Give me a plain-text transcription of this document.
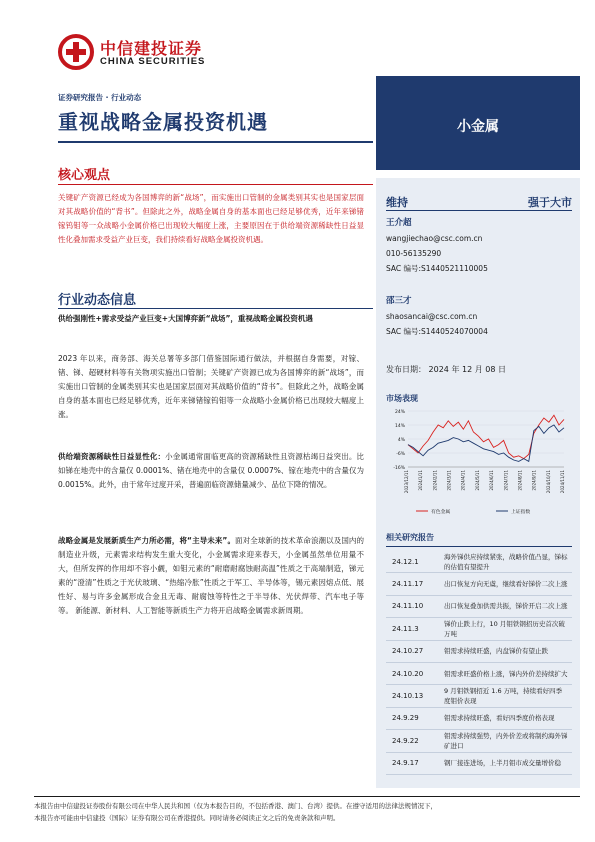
中信建投证券
CHINA SECURITIES
证券研究报告 · 行业动态
重视战略金属投资机遇	小金属
维持	强于大市
王介超
wangjiechao@csc.com.cn
010-56135290
SAC 编号:S1440521110005
邵三才
shaosancai@csc.com.cn
SAC 编号:S1440524070004
发布日期： 2024 年 12 月 08 日
市场表现
24%
14%
4%
-6%
-16%
2023/12/11 2024/1/11 2024/2/11 2024/3/11 2024/4/11 2024/5/11 2024/6/11 2024/7/11 2024/8/11 2024/9/11 2024/10/11 2024/11/11
有色金属	上证指数
相关研究报告
24.12.1
海外锑供应持续紧张，战略价值凸显，锑标的估值有望提升
24.11.17	出口恢复方向无虞，继续看好锑价二次上涨
24.11.10	出口恢复叠加供需共振，锑价开启二次上涨
24.11.3
锑价止跌上行，10 月钼铁钢招历史首次破万吨
24.10.27	钼需求持续旺盛，内盘锑价有望止跌
24.10.20	钼需求旺盛价格上涨，锑内外价差持续扩大
24.10.13
9 月钼铁钢招近 1.6 万吨，持续看好四季度钼价表现
24.9.29	钼需求持续旺盛，看好四季度价格表现
24.9.22
钼需求持续强势，内外价差或将制约海外锑矿进口
24.9.17	钢厂接连进场，上半月钼市成交量增价稳
核心观点
关键矿产资源已经成为各国博弈的新“战场”，而实施出口管制的金属类别其实也是国家层面对其战略价值的“背书”。但除此之外，战略金属自身的基本面也已经足够优秀，近年来锑锗镓钨钼等一众战略小金属价格已出现较大幅度上涨，主要原因在于供给端资源稀缺性日益显性化叠加需求受益产业巨变，我们持续看好战略金属投资机遇。
行业动态信息
供给强刚性+需求受益产业巨变+大国博弈新“战场”，重视战略金属投资机遇
2023 年以来，商务部、海关总署等多部门借鉴国际通行做法，并根据自身需要，对镓、锗、锑、超硬材料等有关物项实施出口管制；关键矿产资源已成为各国博弈的新“战场”，而实施出口管制的金属类别其实也是国家层面对其战略价值的“背书”。但除此之外，战略金属自身的基本面也已经足够优秀，近年来锑锗镓钨钼等一众战略小金属价格已出现较大幅度上涨。
供给端资源稀缺性日益显性化：小金属通常面临更高的资源稀缺性且资源枯竭日益突出。比如锑在地壳中的含量仅 0.0001%、锗在地壳中的含量仅 0.0007%、镓在地壳中的含量仅为 0.0015%。此外，由于常年过度开采，普遍面临资源储量减少、品位下降的情况。
战略金属是发展新质生产力所必需，将“主导未来”。面对全球新的技术革命浪潮以及国内的制造业升级，元素需求结构发生重大变化，小金属需求迎来春天，小金属虽然单位用量不大，但所发挥的作用却不容小觑，如钼元素的“耐磨耐腐蚀耐高温”性质之于高端制造，锑元素的“澄清”性质之于光伏玻璃、“热缩冷胀”性质之于军工、半导体等，锡元素因熔点低、展性好、易与许多金属形成合金且无毒、耐腐蚀等特性之于半导体、光伏焊带、汽车电子等等。 新能源、新材料、人工智能等新质生产力将开启战略金属需求新周期。
本报告由中信建投证券股份有限公司在中华人民共和国（仅为本报告目的，不包括香港、澳门、台湾）提供。在遵守适用的法律法规情况下，
本报告亦可能由中信建投（国际）证券有限公司在香港提供。同时请务必阅读正文之后的免责条款和声明。
